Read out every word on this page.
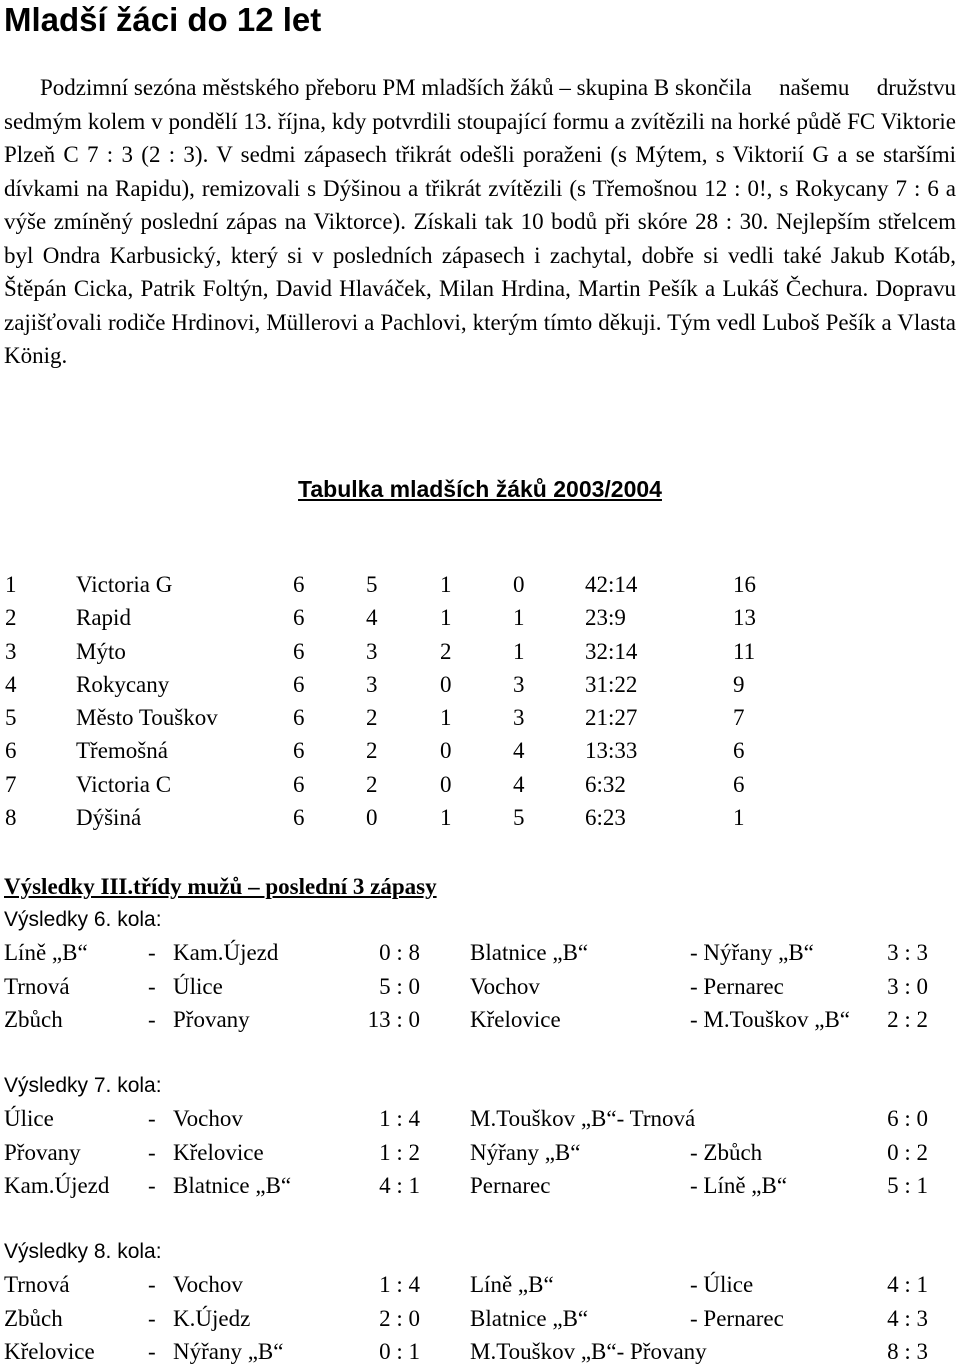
Mladší žáci do 12 let

Podzimní sezóna městského přeboru PM mladších žáků – skupina B skončila našemu družstvu sedmým kolem v pondělí 13. října, kdy potvrdili stoupající formu a zvítězili na horké půdě FC Viktorie Plzeň C 7 : 3 (2 : 3). V sedmi zápasech třikrát odešli poraženi (s Mýtem, s Viktorií G a se staršími dívkami na Rapidu), remizovali s Dýšinou a třikrát zvítězili (s Třemošnou 12 : 0!, s Rokycany 7 : 6 a výše zmíněný poslední zápas na Viktorce). Získali tak 10 bodů při skóre 28 : 30. Nejlepším střelcem byl Ondra Karbusický, který si v posledních zápasech i zachytal, dobře si vedli také Jakub Kotáb, Štěpán Cicka, Patrik Foltýn, David Hlaváček, Milan Hrdina, Martin Pešík a Lukáš Čechura. Dopravu zajišťovali rodiče Hrdinovi, Müllerovi a Pachlovi, kterým tímto děkuji. Tým vedl Luboš Pešík a Vlasta König.

Tabulka mladších žáků 2003/2004
1	Victoria G	6	5	1	0	42:14	16
2	Rapid	6	4	1	1	23:9	13
3	Mýto	6	3	2	1	32:14	11
4	Rokycany	6	3	0	3	31:22	9
5	Město Touškov	6	2	1	3	21:27	7
6	Třemošná	6	2	0	4	13:33	6
7	Victoria C	6	2	0	4	6:32	6
8	Dýšiná	6	0	1	5	6:23	1
Výsledky III.třídy mužů – poslední 3 zápasy
Výsledky 6. kola:
Líně „B“	- Kam.Újezd	0 : 8 Blatnice „B“	- Nýřany „B“	3 : 3
Trnová	- Úlice	5 : 0 Vochov	- Pernarec	3 : 0
Zbůch	- Přovany	13 : 0 Křelovice	- M.Touškov „B“	2 : 2
Výsledky 7. kola:
Úlice	- Vochov	1 : 4 M.Touškov „B“- Trnová	6 : 0
Přovany	- Křelovice	1 : 2 Nýřany „B“	- Zbůch	0 : 2
Kam.Újezd - Blatnice „B“	4 : 1 Pernarec	- Líně „B“	5 : 1
Výsledky 8. kola:
Trnová	- Vochov	1 : 4 Líně „B“	- Úlice	4 : 1
Zbůch	- K.Újedz	2 : 0 Blatnice „B“	- Pernarec	4 : 3
Křelovice - Nýřany „B“	0 : 1 M.Touškov „B“- Přovany	8 : 3
